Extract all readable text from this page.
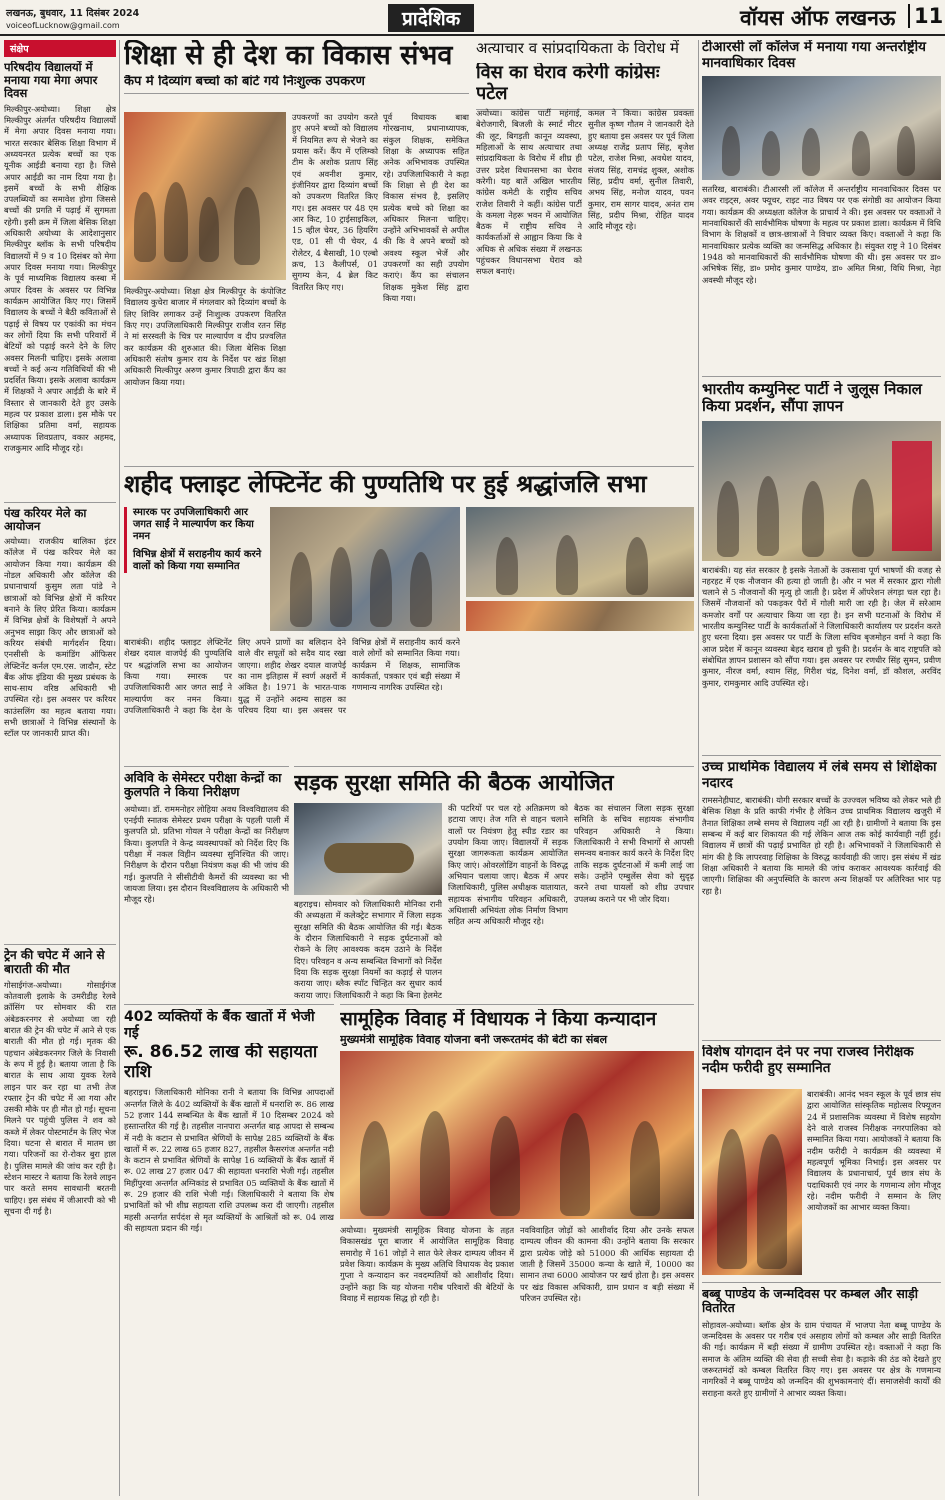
लखनऊ, बुधवार, 11 दिसंबर 2024
voiceofLucknow@gmail.com	प्रादेशिक	वॉयस ऑफ लखनऊ 11
संक्षेप
परिषदीय विद्यालयों में मनाया गया मेगा अपार दिवस
मिल्कीपुर-अयोध्या। शिक्षा क्षेत्र मिल्कीपुर अंतर्गत परिषदीय विद्यालयों में मेगा अपार दिवस मनाया गया। भारत सरकार बेसिक शिक्षा विभाग में अध्ययनरत प्रत्येक बच्चों का एक यूनीक आईडी बनाया रहा है। जिसे अपार आईडी का नाम दिया गया है। इसमें बच्चों के सभी शैक्षिक उपलब्धियों का समावेश होगा जिससे बच्चों की प्रगति में पढ़ाई में सुगमता रहेगी। इसी क्रम में जिला बेसिक शिक्षा अधिकारी अयोध्या के आदेशानुसार मिल्कीपुर ब्लॉक के सभी परिषदीय विद्यालयों में 9 व 10 दिसंबर को मेगा अपार दिवस मनाया गया। मिल्कीपुर के पूर्व माध्यमिक विद्यालय कस्बा में अपार दिवस के अवसर पर विभिन्न कार्यक्रम आयोजित किए गए। जिसमें विद्यालय के बच्चों ने बैठी कविताओं से पढ़ाई से विषय पर एकांकी का मंचन कर लोगों दिया कि सभी परिवारों में बेटियों को पढ़ाई करने देने के लिए अवसर मिलनी चाहिए। इसके अलावा बच्चों ने कई अन्य गतिविधियों की भी प्रदर्शित किया। इसके अलावा कार्यक्रम में शिक्षकों ने अपार आईडी के बारे में विस्तार से जानकारी देते हुए उसके महत्व पर प्रकाश डाला। इस मौके पर शिक्षिका प्रतिमा वर्मा, सहायक अध्यापक शिवप्रताप, वकार अहमद, राजकुमार आदि मौजूद रहे।
पंख करियर मेले का आयोजन
अयोध्या। राजकीय बालिका इंटर कॉलेज में पंख करियर मेले का आयोजन किया गया। कार्यक्रम की नोडल अधिकारी और कॉलेज की प्रधानाचार्या कुसुम लता पांडे ने छात्राओं को विभिन्न क्षेत्रों में करियर बनाने के लिए प्रेरित किया। कार्यक्रम में विभिन्न क्षेत्रों के विशेषज्ञों ने अपने अनुभव साझा किए और छात्राओं को करियर संबंधी मार्गदर्शन दिया। एनसीसी के कमांडिंग ऑफिसर लेफ्टिनेंट कर्नल एम.एस. जादौन, स्टेट बैंक ऑफ इंडिया की मुख्य प्रबंधक के साथ-साथ वरिष्ठ अधिकारी भी उपस्थित रहे। इस अवसर पर करियर काउंसलिंग का महत्व बताया गया। सभी छात्राओं ने विभिन्न संस्थानों के स्टॉल पर जानकारी प्राप्त की।
ट्रेन की चपेट में आने से बाराती की मौत
गोसाईगंज-अयोध्या। गोसाईगंज कोतवाली इलाके के उमरीडीह रेलवे क्रॉसिंग पर सोमवार की रात अंबेडकरनगर से अयोध्या जा रही बारात की ट्रेन की चपेट में आने से एक बाराती की मौत हो गई। मृतक की पहचान अंबेडकरनगर जिले के निवासी के रूप में हुई है। बताया जाता है कि बारात के साथ आया युवक रेलवे लाइन पार कर रहा था तभी तेज रफ्तार ट्रेन की चपेट में आ गया और उसकी मौके पर ही मौत हो गई। सूचना मिलने पर पहुंची पुलिस ने शव को कब्जे में लेकर पोस्टमार्टम के लिए भेज दिया। घटना से बारात में मातम छा गया। परिजनों का रो-रोकर बुरा हाल है। पुलिस मामले की जांच कर रही है। स्टेशन मास्टर ने बताया कि रेलवे लाइन पार करते समय सावधानी बरतनी चाहिए। इस संबंध में जीआरपी को भी सूचना दी गई है।
शिक्षा से ही देश का विकास संभव
कैंप में दिव्यांग बच्चों को बांटे गये निःशुल्क उपकरण
मिल्कीपुर-अयोध्या। शिक्षा क्षेत्र मिल्कीपुर के कंपोजिट विद्यालय कुचेरा बाजार में मंगलवार को दिव्यांग बच्चों के लिए शिविर लगाकर उन्हें निःशुल्क उपकरण वितरित किए गए। उपजिलाधिकारी मिल्कीपुर राजीव रतन सिंह ने मां सरस्वती के चित्र पर माल्यार्पण व दीप प्रज्वलित कर कार्यक्रम की शुरुआत की। जिला बेसिक शिक्षा अधिकारी संतोष कुमार राय के निर्देश पर खंड शिक्षा अधिकारी मिल्कीपुर अरुण कुमार त्रिपाठी द्वारा कैंप का आयोजन किया गया।
उपकरणों का उपयोग करते हुए अपने बच्चों को विद्यालय में नियमित रूप से भेजने का प्रयास करें। कैंप में एलिम्को टीम के अशोक प्रताप सिंह एवं अवनीश कुमार, इंजीनियर द्वारा दिव्यांग बच्चों को उपकरण वितरित किए गए। इस अवसर पर 48 एम आर किट, 10 ट्राईसाइकिल, 15 व्हील चेयर, 36 हियरिंग एड, 01 सी पी चेयर, 4 रोलेटर, 4 बैसाखी, 10 एल्बो क्रच, 13 कैलीपर्स, 01 सुगम्य केन, 4 ब्रेल किट वितरित किए गए।
पूर्व विधायक बाबा गोरखनाथ, प्रधानाध्यापक, संकुल शिक्षक, समेकित शिक्षा के अध्यापक सहित अनेक अभिभावक उपस्थित रहे। उपजिलाधिकारी ने कहा कि शिक्षा से ही देश का विकास संभव है, इसलिए प्रत्येक बच्चे को शिक्षा का अधिकार मिलना चाहिए। उन्होंने अभिभावकों से अपील की कि वे अपने बच्चों को अवश्य स्कूल भेजें और उपकरणों का सही उपयोग कराएं। कैंप का संचालन शिक्षक मुकेश सिंह द्वारा किया गया।
अत्याचार व सांप्रदायिकता के विरोध में
विस का घेराव करेगी कांग्रेसः पटेल
अयोध्या। कांग्रेस पार्टी महंगाई, बेरोजगारी, बिजली के स्मार्ट मीटर की लूट, बिगड़ती कानून व्यवस्था, महिलाओं के साथ अत्याचार तथा सांप्रदायिकता के विरोध में शीघ्र ही उत्तर प्रदेश विधानसभा का घेराव करेगी। यह बातें अखिल भारतीय कांग्रेस कमेटी के राष्ट्रीय सचिव राजेश तिवारी ने कहीं। कांग्रेस पार्टी के कमला नेहरू भवन में आयोजित बैठक में राष्ट्रीय सचिव ने कार्यकर्ताओं से आह्वान किया कि वे अधिक से अधिक संख्या में लखनऊ पहुंचकर विधानसभा घेराव को सफल बनाएं।
कमल ने किया। कांग्रेस प्रवक्ता सुनील कृष्ण गौतम ने जानकारी देते हुए बताया इस अवसर पर पूर्व जिला अध्यक्ष राजेंद्र प्रताप सिंह, बृजेश पटेल, राजेश मिश्रा, अवधेश यादव, संजय सिंह, रामचंद्र शुक्ल, अशोक सिंह, प्रदीप वर्मा, सुनील तिवारी, अभय सिंह, मनोज यादव, पवन कुमार, राम सागर यादव, अनंत राम सिंह, प्रदीप मिश्रा, रोहित यादव आदि मौजूद रहे।
टीआरसी लॉ कॉलेज में मनाया गया अन्तर्राष्ट्रीय मानवाधिकार दिवस
सतरिख, बाराबंकी। टीआरसी लॉ कॉलेज में अन्तर्राष्ट्रीय मानवाधिकार दिवस पर अवर राइट्स, अवर फ्यूचर, राइट नाउ विषय पर एक संगोष्ठी का आयोजन किया गया। कार्यक्रम की अध्यक्षता कॉलेज के प्राचार्य ने की। इस अवसर पर वक्ताओं ने मानवाधिकारों की सार्वभौमिक घोषणा के महत्व पर प्रकाश डाला। कार्यक्रम में विधि विभाग के शिक्षकों व छात्र-छात्राओं ने विचार व्यक्त किए। वक्ताओं ने कहा कि मानवाधिकार प्रत्येक व्यक्ति का जन्मसिद्ध अधिकार है। संयुक्त राष्ट्र ने 10 दिसंबर 1948 को मानवाधिकारों की सार्वभौमिक घोषणा की थी। इस अवसर पर डा० अभिषेक सिंह, डा० प्रमोद कुमार पाण्डेय, डा० अमित मिश्रा, विधि मिश्रा, नेहा अवस्थी मौजूद रहे।
भारतीय कम्युनिस्ट पार्टी ने जुलूस निकाल किया प्रदर्शन, सौंपा ज्ञापन
बाराबंकी। यह संत सरकार है इसके नेताओं के उकसावा पूर्ण भाषणों की वजह से नहरहट में एक नौजवान की हत्या हो जाती है। और न भल में सरकार द्वारा गोली चलाने से 5 नौजवानों की मृत्यु हो जाती है। प्रदेश में ऑपरेशन लंगड़ा चल रहा है। जिसमें नौजवानों को पकड़कर पैरों में गोली मारी जा रही है। जेल में सरेआम कमजोर वर्गों पर अत्याचार किया जा रहा है। इन सभी घटनाओं के विरोध में भारतीय कम्युनिस्ट पार्टी के कार्यकर्ताओं ने जिलाधिकारी कार्यालय पर प्रदर्शन करते हुए धरना दिया। इस अवसर पर पार्टी के जिला सचिव बृजमोहन वर्मा ने कहा कि आज प्रदेश में कानून व्यवस्था बेहद खराब हो चुकी है। प्रदर्शन के बाद राष्ट्रपति को संबोधित ज्ञापन प्रशासन को सौंपा गया। इस अवसर पर रणधीर सिंह सुमन, प्रवीण कुमार, नीरज वर्मा, श्याम सिंह, गिरीश चंद्र, दिनेश वर्मा, डॉ कौशल, अरविंद कुमार, रामकुमार आदि उपस्थित रहे।
उच्च प्राथमिक विद्यालय में लंबे समय से शिक्षिका नदारद
रामसनेहीघाट, बाराबंकी। योगी सरकार बच्चों के उज्ज्वल भविष्य को लेकर भले ही बेसिक शिक्षा के प्रति काफी गंभीर है लेकिन उच्च प्राथमिक विद्यालय खजुरी में तैनात शिक्षिका लम्बे समय से विद्यालय नहीं आ रही है। ग्रामीणों ने बताया कि इस सम्बन्ध में कई बार शिकायत की गई लेकिन आज तक कोई कार्यवाही नहीं हुई। विद्यालय में छात्रों की पढ़ाई प्रभावित हो रही है। अभिभावकों ने जिलाधिकारी से मांग की है कि लापरवाह शिक्षिका के विरुद्ध कार्यवाही की जाए। इस संबंध में खंड शिक्षा अधिकारी ने बताया कि मामले की जांच कराकर आवश्यक कार्रवाई की जाएगी। शिक्षिका की अनुपस्थिति के कारण अन्य शिक्षकों पर अतिरिक्त भार पड़ रहा है।
विशेष योगदान देने पर नपा राजस्व निरीक्षक नदीम फरीदी हुए सम्मानित
बाराबंकी। आनंद भवन स्कूल के पूर्व छात्र संघ द्वारा आयोजित सांस्कृतिक महोत्सव रिफ्यूजन 24 में प्रशासनिक व्यवस्था में विशेष सहयोग देने वाले राजस्व निरीक्षक नगरपालिका को सम्मानित किया गया। आयोजकों ने बताया कि नदीम फरीदी ने कार्यक्रम की व्यवस्था में महत्वपूर्ण भूमिका निभाई। इस अवसर पर विद्यालय के प्रधानाचार्य, पूर्व छात्र संघ के पदाधिकारी एवं नगर के गणमान्य लोग मौजूद रहे। नदीम फरीदी ने सम्मान के लिए आयोजकों का आभार व्यक्त किया।
बब्बू पाण्डेय के जन्मदिवस पर कम्बल और साड़ी वितरित
सोहावल-अयोध्या। ब्लॉक क्षेत्र के ग्राम पंचायत में भाजपा नेता बब्बू पाण्डेय के जन्मदिवस के अवसर पर गरीब एवं असहाय लोगों को कम्बल और साड़ी वितरित की गई। कार्यक्रम में बड़ी संख्या में ग्रामीण उपस्थित रहे। वक्ताओं ने कहा कि समाज के अंतिम व्यक्ति की सेवा ही सच्ची सेवा है। कड़ाके की ठंड को देखते हुए जरूरतमंदों को कम्बल वितरित किए गए। इस अवसर पर क्षेत्र के गणमान्य नागरिकों ने बब्बू पाण्डेय को जन्मदिन की शुभकामनाएं दीं। समाजसेवी कार्यों की सराहना करते हुए ग्रामीणों ने आभार व्यक्त किया।
शहीद फ्लाइट लेफ्टिनेंट की पुण्यतिथि पर हुई श्रद्धांजलि सभा
स्मारक पर उपजिलाधिकारी आर जगत साईं ने माल्यार्पण कर किया नमन
विभिन्न क्षेत्रों में सराहनीय कार्य करने वालों को किया गया सम्मानित
बाराबंकी। शहीद फ्लाइट लेफ्टिनेंट शेखर दयाल वाजपेई की पुण्यतिथि पर श्रद्धांजलि सभा का आयोजन किया गया। स्मारक पर उपजिलाधिकारी आर जगत साईं ने माल्यार्पण कर नमन किया। उपजिलाधिकारी ने कहा कि देश के लिए अपने प्राणों का बलिदान देने वाले वीर सपूतों को सदैव याद रखा जाएगा। शहीद शेखर दयाल वाजपेई का नाम इतिहास में स्वर्ण अक्षरों में अंकित है। 1971 के भारत-पाक युद्ध में उन्होंने अदम्य साहस का परिचय दिया था। इस अवसर पर विभिन्न क्षेत्रों में सराहनीय कार्य करने वाले लोगों को सम्मानित किया गया। कार्यक्रम में शिक्षक, सामाजिक कार्यकर्ता, पत्रकार एवं बड़ी संख्या में गणमान्य नागरिक उपस्थित रहे।
अविवि के सेमेस्टर परीक्षा केन्द्रों का कुलपति ने किया निरीक्षण
अयोध्या। डॉ. राममनोहर लोहिया अवध विश्वविद्यालय की एनईपी स्नातक सेमेस्टर प्रथम परीक्षा के पहली पाली में कुलपति प्रो. प्रतिभा गोयल ने परीक्षा केन्द्रों का निरीक्षण किया। कुलपति ने केन्द्र व्यवस्थापकों को निर्देश दिए कि परीक्षा में नकल विहीन व्यवस्था सुनिश्चित की जाए। निरीक्षण के दौरान परीक्षा नियंत्रण कक्ष की भी जांच की गई। कुलपति ने सीसीटीवी कैमरों की व्यवस्था का भी जायजा लिया। इस दौरान विश्वविद्यालय के अधिकारी भी मौजूद रहे।
सड़क सुरक्षा समिति की बैठक आयोजित
बहराइच। सोमवार को जिलाधिकारी मोनिका रानी की अध्यक्षता में कलेक्ट्रेट सभागार में जिला सड़क सुरक्षा समिति की बैठक आयोजित की गई। बैठक के दौरान जिलाधिकारी ने सड़क दुर्घटनाओं को रोकने के लिए आवश्यक कदम उठाने के निर्देश दिए। परिवहन व अन्य सम्बन्धित विभागों को निर्देश दिया कि सड़क सुरक्षा नियमों का कड़ाई से पालन कराया जाए। ब्लैक स्पॉट चिन्हित कर सुधार कार्य कराया जाए। जिलाधिकारी ने कहा कि बिना हेलमेट
की पटरियों पर चल रहे अतिक्रमण को हटाया जाए। तेज गति से वाहन चलाने वालों पर नियंत्रण हेतु स्पीड रडार का उपयोग किया जाए। विद्यालयों में सड़क सुरक्षा जागरूकता कार्यक्रम आयोजित किए जाएं। ओवरलोडिंग वाहनों के विरुद्ध अभियान चलाया जाए। बैठक में अपर जिलाधिकारी, पुलिस अधीक्षक यातायात, सहायक संभागीय परिवहन अधिकारी, अधिशासी अभियंता लोक निर्माण विभाग सहित अन्य अधिकारी मौजूद रहे।
बैठक का संचालन जिला सड़क सुरक्षा समिति के सचिव सहायक संभागीय परिवहन अधिकारी ने किया। जिलाधिकारी ने सभी विभागों से आपसी समन्वय बनाकर कार्य करने के निर्देश दिए ताकि सड़क दुर्घटनाओं में कमी लाई जा सके। उन्होंने एम्बुलेंस सेवा को सुदृढ़ करने तथा घायलों को शीघ्र उपचार उपलब्ध कराने पर भी जोर दिया।
402 व्यक्तियों के बैंक खातों में भेजी गई
रू. 86.52 लाख की सहायता राशि
बहराइच। जिलाधिकारी मोनिका रानी ने बताया कि विभिन्न आपदाओं अन्तर्गत जिले के 402 व्यक्तियों के बैंक खातों में धनराशि रू. 86 लाख 52 हजार 144 सम्बन्धित के बैंक खातों में 10 दिसम्बर 2024 को हस्तान्तरित की गई है। तहसील नानपारा अन्तर्गत बाढ़ आपदा से सम्बन्ध में नदी के कटान से प्रभावित श्रेणियों के सापेक्ष 285 व्यक्तियों के बैंक खातों में रू. 22 लाख 65 हजार 827, तहसील कैसरगंज अन्तर्गत नदी के कटान से प्रभावित श्रेणियों के सापेक्ष 16 व्यक्तियों के बैंक खातों में रू. 02 लाख 27 हजार 047 की सहायता धनराशि भेजी गई। तहसील मिहींपुरवा अन्तर्गत अग्निकांड से प्रभावित 05 व्यक्तियों के बैंक खातों में रू. 29 हजार की राशि भेजी गई। जिलाधिकारी ने बताया कि शेष प्रभावितों को भी शीघ्र सहायता राशि उपलब्ध करा दी जाएगी। तहसील महसी अन्तर्गत सर्पदंश से मृत व्यक्तियों के आश्रितों को रू. 04 लाख की सहायता प्रदान की गई।
सामूहिक विवाह में विधायक ने किया कन्यादान
मुख्यमंत्री सामूहिक विवाह योजना बनी जरूरतमंद की बेटी का संबल
अयोध्या। मुख्यमंत्री सामूहिक विवाह योजना के तहत विकासखंड पूरा बाजार में आयोजित सामूहिक विवाह समारोह में 161 जोड़ों ने सात फेरे लेकर दाम्पत्य जीवन में प्रवेश किया। कार्यक्रम के मुख्य अतिथि विधायक वेद प्रकाश गुप्ता ने कन्यादान कर नवदम्पतियों को आशीर्वाद दिया। उन्होंने कहा कि यह योजना गरीब परिवारों की बेटियों के विवाह में सहायक सिद्ध हो रही है।
नवविवाहित जोड़ों को आशीर्वाद दिया और उनके सफल दाम्पत्य जीवन की कामना की। उन्होंने बताया कि सरकार द्वारा प्रत्येक जोड़े को 51000 की आर्थिक सहायता दी जाती है जिसमें 35000 कन्या के खाते में, 10000 का सामान तथा 6000 आयोजन पर खर्च होता है। इस अवसर पर खंड विकास अधिकारी, ग्राम प्रधान व बड़ी संख्या में परिजन उपस्थित रहे।
